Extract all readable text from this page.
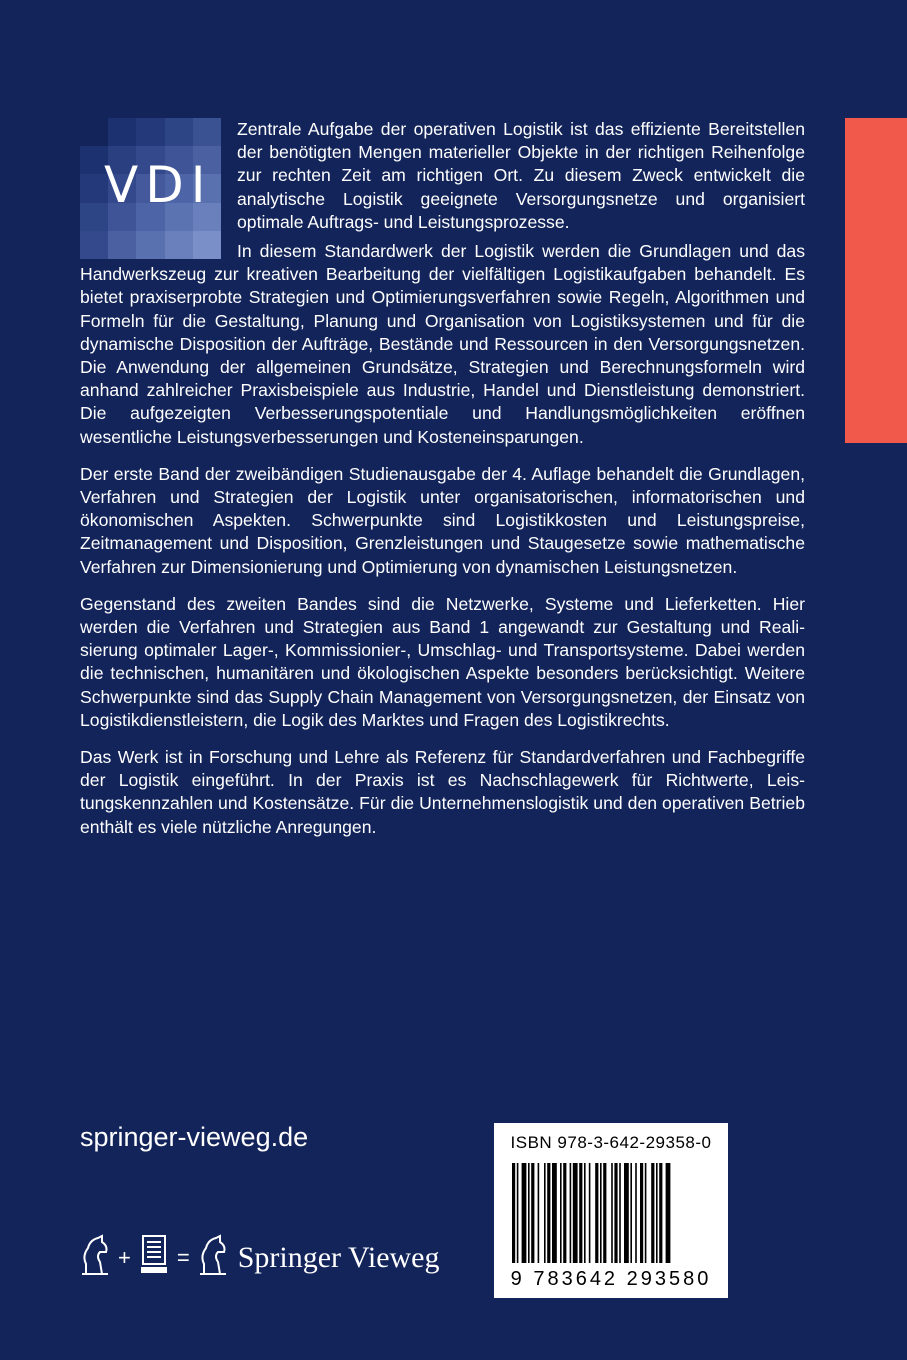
VDI

Zentrale Aufgabe der operativen Logistik ist das effiziente Bereitstellen der benötigten Mengen materieller Objekte in der richtigen Reihenfolge zur rechten Zeit am richtigen Ort. Zu diesem Zweck entwickelt die analytische Logistik geeignete Versorgungsnetze und organisiert optimale Auftrags- und Leistungsprozesse.

In diesem Standardwerk der Logistik werden die Grundlagen und das Handwerkszeug zur kreativen Bearbeitung der vielfältigen Logistikaufgaben behandelt. Es bietet praxiserprobte Strategien und Optimierungsverfahren sowie Regeln, Algorithmen und Formeln für die Gestaltung, Planung und Organisation von Logistiksystemen und für die dynamische Disposition der Aufträge, Bestände und Ressourcen in den Versorgungsnetzen. Die Anwendung der allgemeinen Grundsätze, Strategien und Berechnungsformeln wird anhand zahlreicher Praxisbeispiele aus Industrie, Handel und Dienstleistung demonstriert. Die aufgezeigten Verbesserungspotentiale und Handlungsmöglichkeiten eröffnen wesentliche Leistungsverbesserungen und Kosteneinsparungen.

Der erste Band der zweibändigen Studienausgabe der 4. Auflage behandelt die Grundlagen, Verfahren und Strategien der Logistik unter organisatorischen, informatorischen und ökonomischen Aspekten. Schwerpunkte sind Logistikkosten und Leistungspreise, Zeitmanagement und Disposition, Grenzleistungen und Staugesetze sowie mathematische Verfahren zur Dimensionierung und Optimierung von dynamischen Leistungsnetzen.

Gegenstand des zweiten Bandes sind die Netzwerke, Systeme und Lieferketten. Hier werden die Verfahren und Strategien aus Band 1 angewandt zur Gestaltung und Realisierung optimaler Lager-, Kommissionier-, Umschlag- und Transportsysteme. Dabei werden die technischen, humanitären und ökologischen Aspekte besonders berücksichtigt. Weitere Schwerpunkte sind das Supply Chain Management von Versorgungsnetzen, der Einsatz von Logistikdienstleistern, die Logik des Marktes und Fragen des Logistikrechts.

Das Werk ist in Forschung und Lehre als Referenz für Standardverfahren und Fachbegriffe der Logistik eingeführt. In der Praxis ist es Nachschlagewerk für Richtwerte, Leistungskennzahlen und Kostensätze. Für die Unternehmenslogistik und den operativen Betrieb enthält es viele nützliche Anregungen.

springer-vieweg.de
+ = Springer Vieweg
ISBN 978-3-642-29358-0
9 783642 293580
